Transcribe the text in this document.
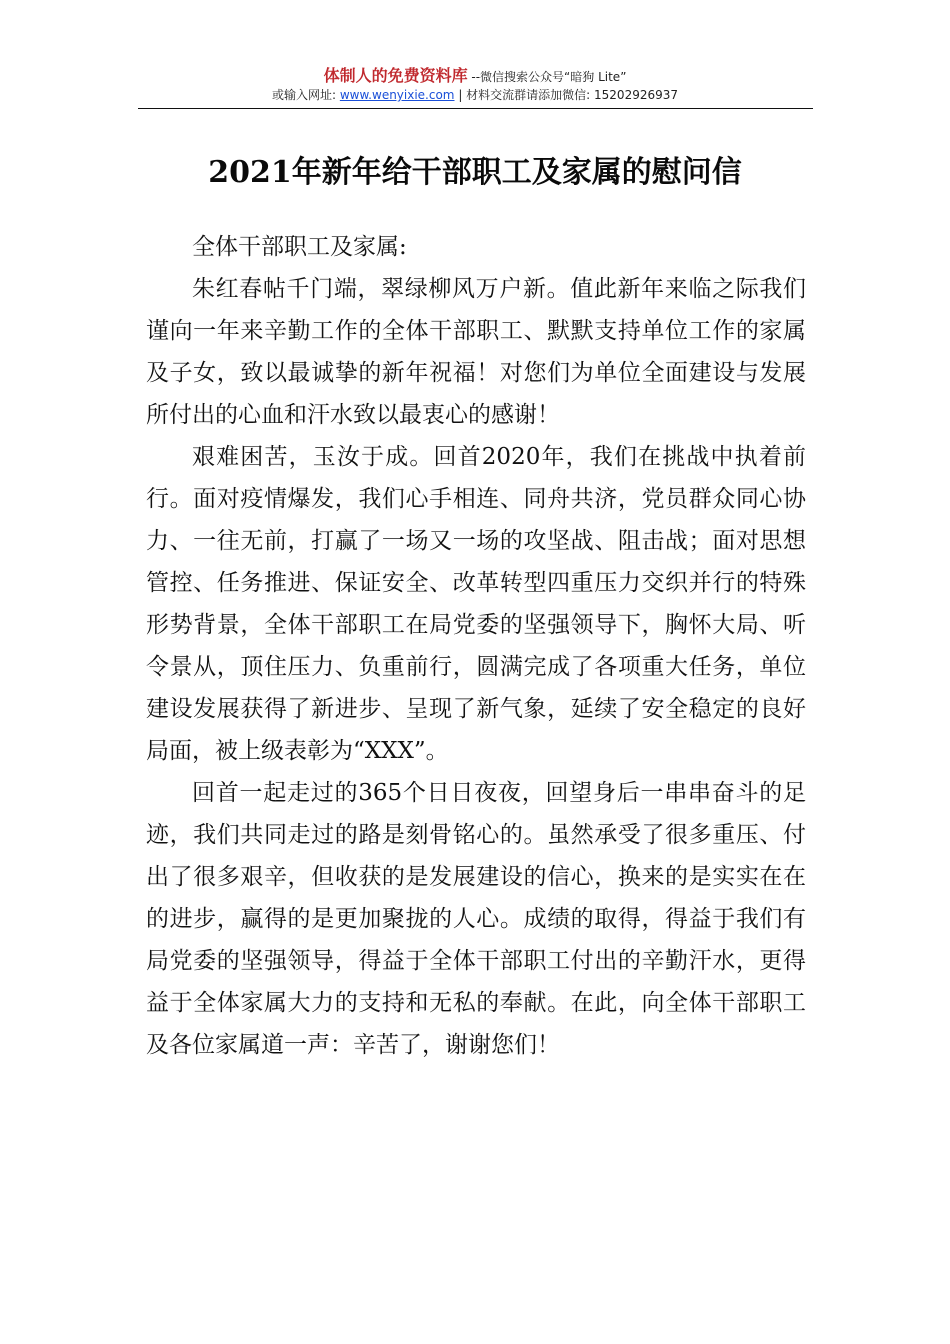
体制人的免费资料库 --微信搜索公众号“暗狗 Lite”
或输入网址: www.wenyixie.com | 材料交流群请添加微信: 15202926937
2021年新年给干部职工及家属的慰问信

全体干部职工及家属:

朱红春帖千门端，翠绿柳风万户新。值此新年来临之际我们谨向一年来辛勤工作的全体干部职工、默默支持单位工作的家属及子女，致以最诚挚的新年祝福！对您们为单位全面建设与发展所付出的心血和汗水致以最衷心的感谢！

艰难困苦，玉汝于成。回首2020年，我们在挑战中执着前行。面对疫情爆发，我们心手相连、同舟共济，党员群众同心协力、一往无前，打赢了一场又一场的攻坚战、阻击战；面对思想管控、任务推进、保证安全、改革转型四重压力交织并行的特殊形势背景，全体干部职工在局党委的坚强领导下，胸怀大局、听令景从，顶住压力、负重前行，圆满完成了各项重大任务，单位建设发展获得了新进步、呈现了新气象，延续了安全稳定的良好局面，被上级表彰为“XXX”。

回首一起走过的365个日日夜夜，回望身后一串串奋斗的足迹，我们共同走过的路是刻骨铭心的。虽然承受了很多重压、付出了很多艰辛，但收获的是发展建设的信心，换来的是实实在在的进步，赢得的是更加聚拢的人心。成绩的取得，得益于我们有局党委的坚强领导，得益于全体干部职工付出的辛勤汗水，更得益于全体家属大力的支持和无私的奉献。在此，向全体干部职工及各位家属道一声：辛苦了，谢谢您们！
